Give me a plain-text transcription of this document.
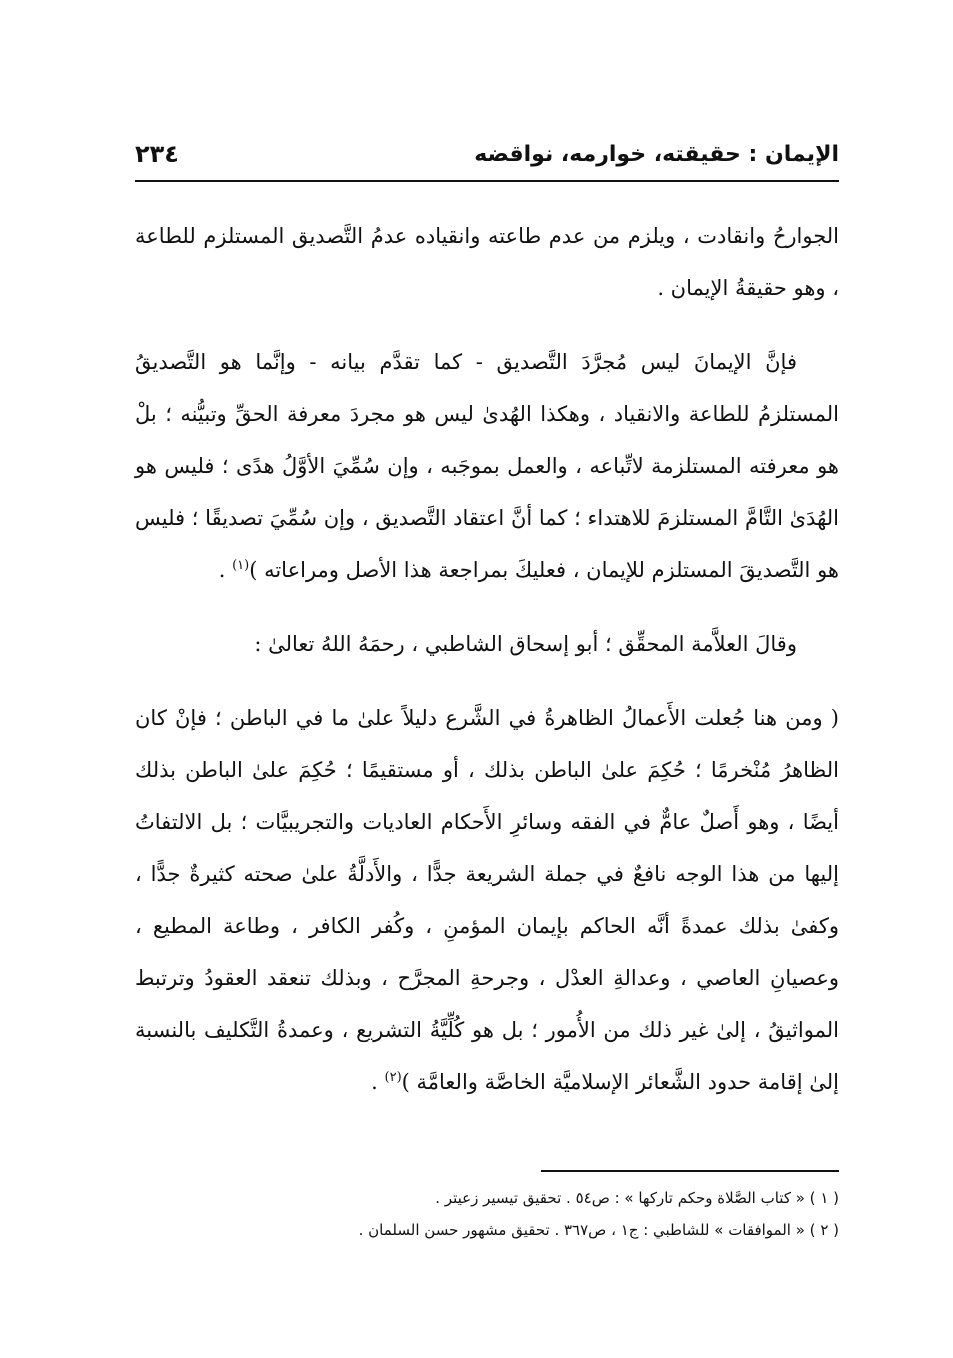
الإيمان : حقيقته، خوارمه، نواقضه
٢٣٤

الجوارحُ وانقادت ، ويلزم من عدم طاعته وانقياده عدمُ التَّصديق المستلزم للطاعة ، وهو حقيقةُ الإيمان .

فإنَّ الإيمانَ ليس مُجرَّدَ التَّصديق - كما تقدَّم بيانه - وإنَّما هو التَّصديقُ المستلزمُ للطاعة والانقياد ، وهكذا الهُدىٰ ليس هو مجردَ معرفة الحقِّ وتبيُّنه ؛ بلْ هو معرفته المستلزمة لاتِّباعه ، والعمل بموجَبه ، وإن سُمِّيَ الأوَّلُ هدًى ؛ فليس هو الهُدَىٰ التَّامَّ المستلزمَ للاهتداء ؛ كما أنَّ اعتقاد التَّصديق ، وإن سُمِّيَ تصديقًا ؛ فليس هو التَّصديقَ المستلزم للإيمان ، فعليكَ بمراجعة هذا الأصل ومراعاته )$^{(١)}$ .

وقالَ العلاَّمة المحقِّق ؛ أبو إسحاق الشاطبي ، رحمَهُ اللهُ تعالىٰ :

( ومن هنا جُعلت الأَعمالُ الظاهرةُ في الشَّرع دليلاً علىٰ ما في الباطن ؛ فإنْ كان الظاهرُ مُنْخرمًا ؛ حُكِمَ علىٰ الباطن بذلك ، أو مستقيمًا ؛ حُكِمَ علىٰ الباطن بذلك أيضًا ، وهو أَصلٌ عامٌّ في الفقه وسائرِ الأَحكام العاديات والتجريبيَّات ؛ بل الالتفاتُ إليها من هذا الوجه نافعٌ في جملة الشريعة جدًّا ، والأَدلَّةُ علىٰ صحته كثيرةٌ جدًّا ، وكفىٰ بذلك عمدةً أنَّه الحاكم بإيمان المؤمنِ ، وكُفر الكافر ، وطاعة المطيع ، وعصيانِ العاصي ، وعدالةِ العدْل ، وجرحةِ المجرَّح ، وبذلك تنعقد العقودُ وترتبط المواثيقُ ، إلىٰ غير ذلك من الأُمور ؛ بل هو كُلِّيَّةُ التشريع ، وعمدةُ التَّكليف بالنسبة إلىٰ إقامة حدود الشَّعائر الإسلاميَّة الخاصَّة والعامَّة )$^{(٢)}$ .

( ١ ) « كتاب الصَّلاة وحكم تاركها » : ص٥٤ . تحقيق تيسير زعيتر .
( ٢ ) « الموافقات » للشاطبي : ج١ ، ص٣٦٧ . تحقيق مشهور حسن السلمان .
